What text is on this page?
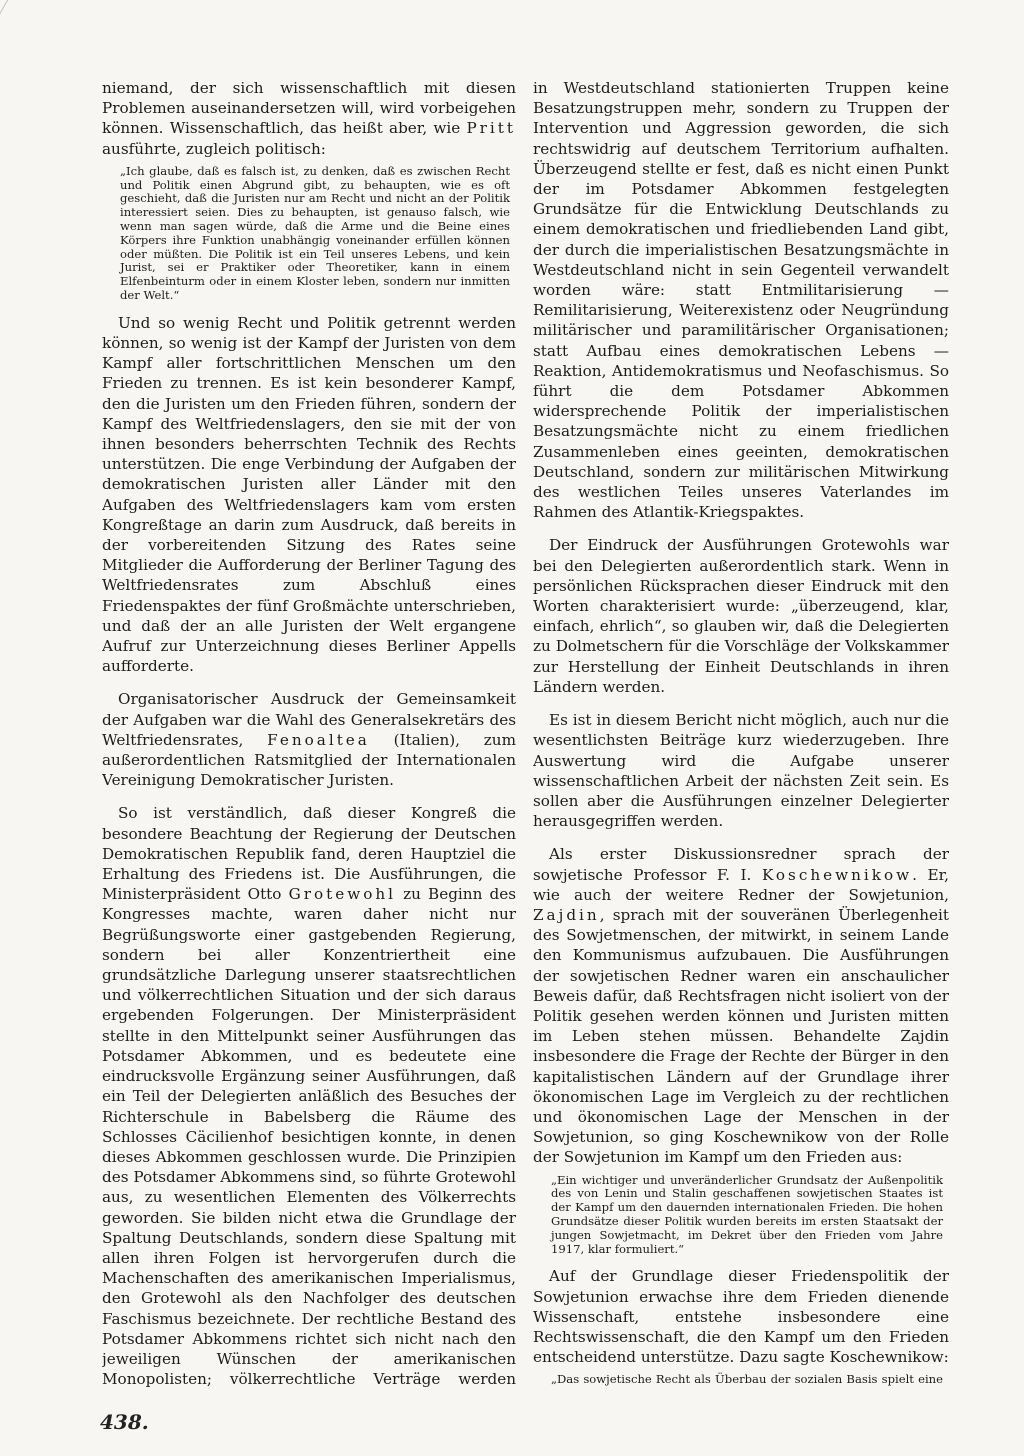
niemand, der sich wissenschaftlich mit diesen Problemen auseinandersetzen will, wird vorbeigehen können. Wissenschaftlich, das heißt aber, wie Pritt ausführte, zugleich politisch:

„Ich glaube, daß es falsch ist, zu denken, daß es zwischen Recht und Politik einen Abgrund gibt, zu behaupten, wie es oft geschieht, daß die Juristen nur am Recht und nicht an der Politik interessiert seien. Dies zu behaupten, ist genauso falsch, wie wenn man sagen würde, daß die Arme und die Beine eines Körpers ihre Funktion unabhängig voneinander erfüllen können oder müßten. Die Politik ist ein Teil unseres Lebens, und kein Jurist, sei er Praktiker oder Theoretiker, kann in einem Elfenbeinturm oder in einem Kloster leben, sondern nur inmitten der Welt.“

Und so wenig Recht und Politik getrennt werden können, so wenig ist der Kampf der Juristen von dem Kampf aller fortschrittlichen Menschen um den Frieden zu trennen. Es ist kein besonderer Kampf, den die Juristen um den Frieden führen, sondern der Kampf des Weltfriedenslagers, den sie mit der von ihnen besonders beherrschten Technik des Rechts unterstützen. Die enge Verbindung der Aufgaben der demokratischen Juristen aller Länder mit den Aufgaben des Weltfriedenslagers kam vom ersten Kongreßtage an darin zum Ausdruck, daß bereits in der vorbereitenden Sitzung des Rates seine Mitglieder die Aufforderung der Berliner Tagung des Weltfriedensrates zum Abschluß eines Friedenspaktes der fünf Großmächte unterschrieben, und daß der an alle Juristen der Welt ergangene Aufruf zur Unterzeichnung dieses Berliner Appells aufforderte.

Organisatorischer Ausdruck der Gemeinsamkeit der Aufgaben war die Wahl des Generalsekretärs des Weltfriedensrates, Fenoaltea (Italien), zum außerordentlichen Ratsmitglied der Internationalen Vereinigung Demokratischer Juristen.

So ist verständlich, daß dieser Kongreß die besondere Beachtung der Regierung der Deutschen Demokratischen Republik fand, deren Hauptziel die Erhaltung des Friedens ist. Die Ausführungen, die Ministerpräsident Otto Grotewohl zu Beginn des Kongresses machte, waren daher nicht nur Begrüßungsworte einer gastgebenden Regierung, sondern bei aller Konzentriertheit eine grundsätzliche Darlegung unserer staatsrechtlichen und völkerrechtlichen Situation und der sich daraus ergebenden Folgerungen. Der Ministerpräsident stellte in den Mittelpunkt seiner Ausführungen das Potsdamer Abkommen, und es bedeutete eine eindrucksvolle Ergänzung seiner Ausführungen, daß ein Teil der Delegierten anläßlich des Besuches der Richterschule in Babelsberg die Räume des Schlosses Cäcilienhof besichtigen konnte, in denen dieses Abkommen geschlossen wurde. Die Prinzipien des Potsdamer Abkommens sind, so führte Grotewohl aus, zu wesentlichen Elementen des Völkerrechts geworden. Sie bilden nicht etwa die Grundlage der Spaltung Deutschlands, sondern diese Spaltung mit allen ihren Folgen ist hervorgerufen durch die Machenschaften des amerikanischen Imperialismus, den Grotewohl als den Nachfolger des deutschen Faschismus bezeichnete. Der rechtliche Bestand des Potsdamer Abkommens richtet sich nicht nach den jeweiligen Wünschen der amerikanischen Monopolisten; völkerrechtliche Verträge werden

in Westdeutschland stationierten Truppen keine Besatzungstruppen mehr, sondern zu Truppen der Intervention und Aggression geworden, die sich rechtswidrig auf deutschem Territorium aufhalten. Überzeugend stellte er fest, daß es nicht einen Punkt der im Potsdamer Abkommen festgelegten Grundsätze für die Entwicklung Deutschlands zu einem demokratischen und friedliebenden Land gibt, der durch die imperialistischen Besatzungsmächte in Westdeutschland nicht in sein Gegenteil verwandelt worden wäre: statt Entmilitarisierung — Remilitarisierung, Weiterexistenz oder Neugründung militärischer und paramilitärischer Organisationen; statt Aufbau eines demokratischen Lebens — Reaktion, Antidemokratismus und Neofaschismus. So führt die dem Potsdamer Abkommen widersprechende Politik der imperialistischen Besatzungsmächte nicht zu einem friedlichen Zusammenleben eines geeinten, demokratischen Deutschland, sondern zur militärischen Mitwirkung des westlichen Teiles unseres Vaterlandes im Rahmen des Atlantik-Kriegspaktes.

Der Eindruck der Ausführungen Grotewohls war bei den Delegierten außerordentlich stark. Wenn in persönlichen Rücksprachen dieser Eindruck mit den Worten charakterisiert wurde: „überzeugend, klar, einfach, ehrlich“, so glauben wir, daß die Delegierten zu Dolmetschern für die Vorschläge der Volkskammer zur Herstellung der Einheit Deutschlands in ihren Ländern werden.

Es ist in diesem Bericht nicht möglich, auch nur die wesentlichsten Beiträge kurz wiederzugeben. Ihre Auswertung wird die Aufgabe unserer wissenschaftlichen Arbeit der nächsten Zeit sein. Es sollen aber die Ausführungen einzelner Delegierter herausgegriffen werden.

Als erster Diskussionsredner sprach der sowjetische Professor F. I. Koschewnikow. Er, wie auch der weitere Redner der Sowjetunion, Zajdin, sprach mit der souveränen Überlegenheit des Sowjetmenschen, der mitwirkt, in seinem Lande den Kommunismus aufzubauen. Die Ausführungen der sowjetischen Redner waren ein anschaulicher Beweis dafür, daß Rechtsfragen nicht isoliert von der Politik gesehen werden können und Juristen mitten im Leben stehen müssen. Behandelte Zajdin insbesondere die Frage der Rechte der Bürger in den kapitalistischen Ländern auf der Grundlage ihrer ökonomischen Lage im Vergleich zu der rechtlichen und ökonomischen Lage der Menschen in der Sowjetunion, so ging Koschewnikow von der Rolle der Sowjetunion im Kampf um den Frieden aus:

„Ein wichtiger und unveränderlicher Grundsatz der Außenpolitik des von Lenin und Stalin geschaffenen sowjetischen Staates ist der Kampf um den dauernden internationalen Frieden. Die hohen Grundsätze dieser Politik wurden bereits im ersten Staatsakt der jungen Sowjetmacht, im Dekret über den Frieden vom Jahre 1917, klar formuliert.“

Auf der Grundlage dieser Friedenspolitik der Sowjetunion erwachse ihre dem Frieden dienende Wissenschaft, entstehe insbesondere eine Rechtswissenschaft, die den Kampf um den Frieden entscheidend unterstütze. Dazu sagte Koschewnikow:

„Das sowjetische Recht als Überbau der sozialen Basis spielt eine

438.
